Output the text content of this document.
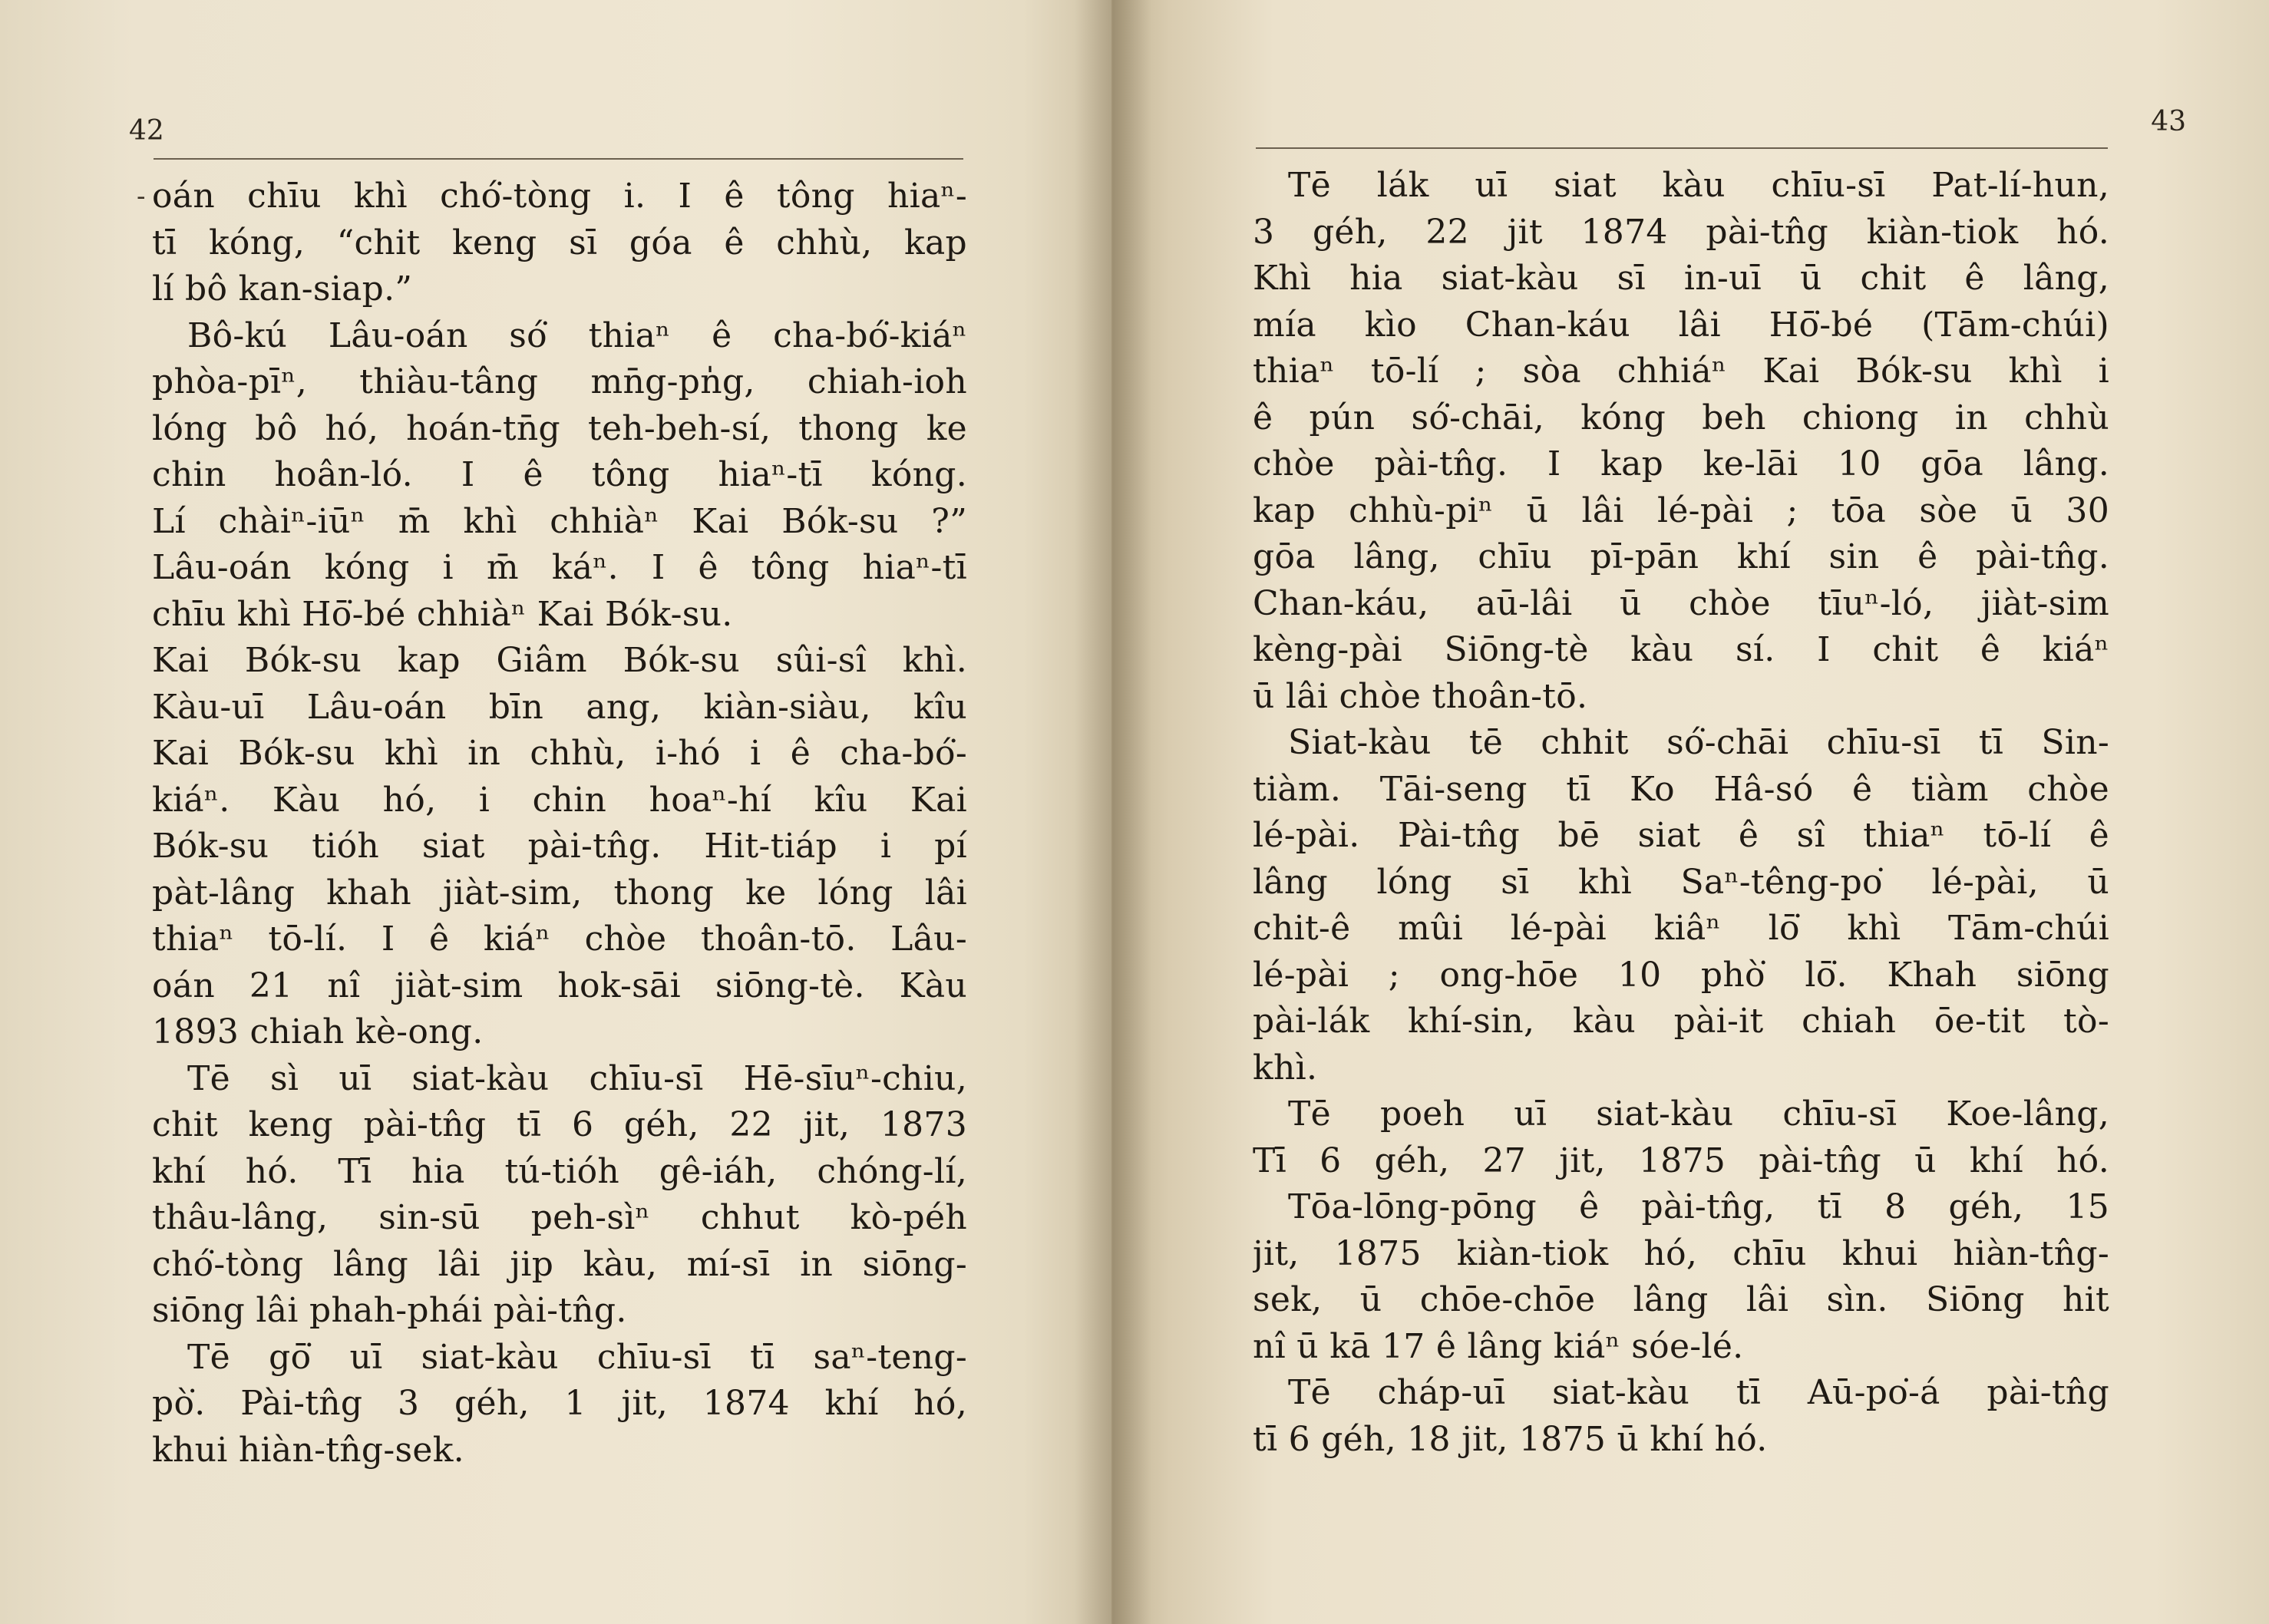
42
oán chīu khì chó͘-tòng i. I ê tông hiaⁿ-
tī kóng, “chit keng sī góa ê chhù, kap
lí bô kan-siap.”
Bô-kú Lâu-oán só͘ thiaⁿ ê cha-bó͘-kiáⁿ
phòa-pīⁿ, thiàu-tâng mn̄g-pn̍g, chiah-ioh
lóng bô hó, hoán-tn̄g teh-beh-sí, thong ke
chin hoân-ló. I ê tông hiaⁿ-tī kóng.
Lí chàiⁿ-iūⁿ m̄ khì chhiàⁿ Kai Bók-su ?”
Lâu-oán kóng i m̄ káⁿ. I ê tông hiaⁿ-tī
chīu khì Hō͘-bé chhiàⁿ Kai Bók-su.
Kai Bók-su kap Giâm Bók-su sûi-sî khì.
Kàu-uī Lâu-oán bīn ang, kiàn-siàu, kîu
Kai Bók-su khì in chhù, i-hó i ê cha-bó͘-
kiáⁿ. Kàu hó, i chin hoaⁿ-hí kîu Kai
Bók-su tióh siat pài-tn̂g. Hit-tiáp i pí
pàt-lâng khah jiàt-sim, thong ke lóng lâi
thiaⁿ tō-lí. I ê kiáⁿ chòe thoân-tō. Lâu-
oán 21 nî jiàt-sim hok-sāi siōng-tè. Kàu
1893 chiah kè-ong.
Tē sì uī siat-kàu chīu-sī Hē-sīuⁿ-chiu,
chit keng pài-tn̂g tī 6 géh, 22 jit, 1873
khí hó. Tī hia tú-tióh gê-iáh, chóng-lí,
thâu-lâng, sin-sū peh-sìⁿ chhut kò-péh
chó͘-tòng lâng lâi jip kàu, mí-sī in siōng-
siōng lâi phah-phái pài-tn̂g.
Tē gō͘ uī siat-kàu chīu-sī tī saⁿ-teng-
pò͘. Pài-tn̂g 3 géh, 1 jit, 1874 khí hó,
khui hiàn-tn̂g-sek.
-
43
Tē lák uī siat kàu chīu-sī Pat-lí-hun,
3 géh, 22 jit 1874 pài-tn̂g kiàn-tiok hó.
Khì hia siat-kàu sī in-uī ū chit ê lâng,
mía kìo Chan-káu lâi Hō͘-bé (Tām-chúi)
thiaⁿ tō-lí ; sòa chhiáⁿ Kai Bók-su khì i
ê pún só͘-chāi, kóng beh chiong in chhù
chòe pài-tn̂g. I kap ke-lāi 10 gōa lâng.
kap chhù-piⁿ ū lâi lé-pài ; tōa sòe ū 30
gōa lâng, chīu pī-pān khí sin ê pài-tn̂g.
Chan-káu, aū-lâi ū chòe tīuⁿ-ló, jiàt-sim
kèng-pài Siōng-tè kàu sí. I chit ê kiáⁿ
ū lâi chòe thoân-tō.
Siat-kàu tē chhit só͘-chāi chīu-sī tī Sin-
tiàm. Tāi-seng tī Ko Hâ-só ê tiàm chòe
lé-pài. Pài-tn̂g bē siat ê sî thiaⁿ tō-lí ê
lâng lóng sī khì Saⁿ-têng-po͘ lé-pài, ū
chit-ê mûi lé-pài kiâⁿ lō͘ khì Tām-chúi
lé-pài ; ong-hōe 10 phò͘ lō͘. Khah siōng
pài-lák khí-sin, kàu pài-it chiah ōe-tit tò-
khì.
Tē poeh uī siat-kàu chīu-sī Koe-lâng,
Tī 6 géh, 27 jit, 1875 pài-tn̂g ū khí hó.
Tōa-lōng-pōng ê pài-tn̂g, tī 8 géh, 15
jit, 1875 kiàn-tiok hó, chīu khui hiàn-tn̂g-
sek, ū chōe-chōe lâng lâi sìn. Siōng hit
nî ū kā 17 ê lâng kiáⁿ sóe-lé.
Tē cháp-uī siat-kàu tī Aū-po͘-á pài-tn̂g
tī 6 géh, 18 jit, 1875 ū khí hó.
